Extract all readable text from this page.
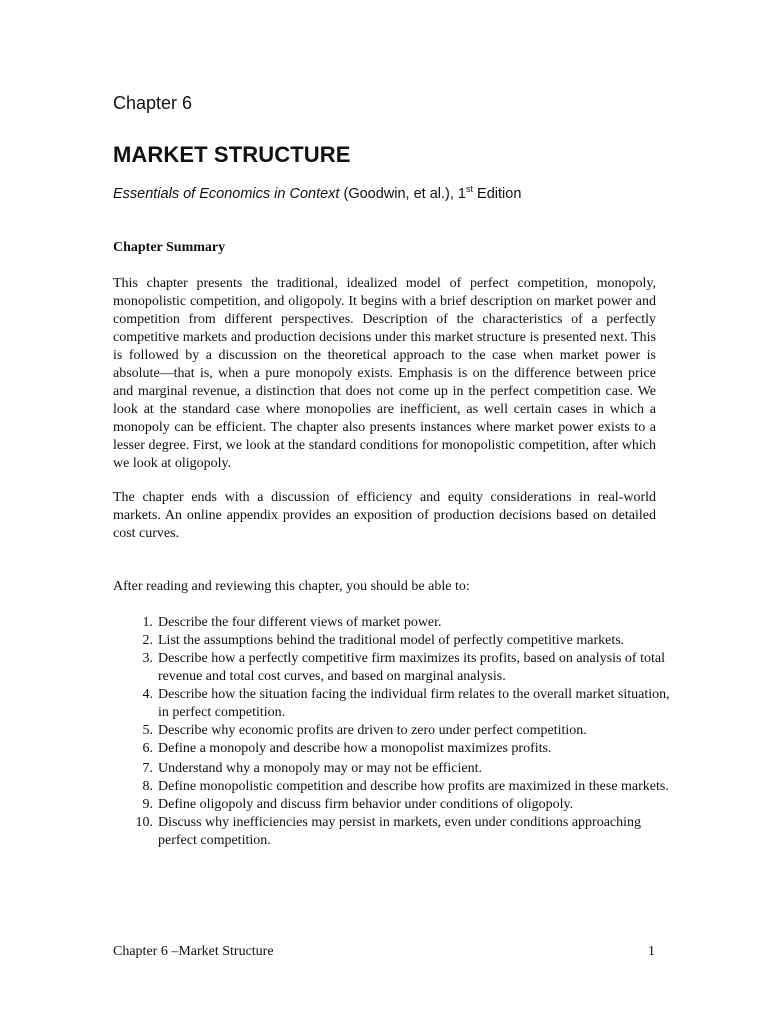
Chapter 6
MARKET STRUCTURE

Essentials of Economics in Context (Goodwin, et al.), 1st Edition

Chapter Summary

This chapter presents the traditional, idealized model of perfect competition, monopoly, monopolistic competition, and oligopoly. It begins with a brief description on market power and competition from different perspectives. Description of the characteristics of a perfectly competitive markets and production decisions under this market structure is presented next. This is followed by a discussion on the theoretical approach to the case when market power is absolute—that is, when a pure monopoly exists. Emphasis is on the difference between price and marginal revenue, a distinction that does not come up in the perfect competition case. We look at the standard case where monopolies are inefficient, as well certain cases in which a monopoly can be efficient. The chapter also presents instances where market power exists to a lesser degree. First, we look at the standard conditions for monopolistic competition, after which we look at oligopoly.

The chapter ends with a discussion of efficiency and equity considerations in real-world markets. An online appendix provides an exposition of production decisions based on detailed cost curves.

After reading and reviewing this chapter, you should be able to:

1. Describe the four different views of market power.
2. List the assumptions behind the traditional model of perfectly competitive markets.
3. Describe how a perfectly competitive firm maximizes its profits, based on analysis of total revenue and total cost curves, and based on marginal analysis.
4. Describe how the situation facing the individual firm relates to the overall market situation, in perfect competition.
5. Describe why economic profits are driven to zero under perfect competition.
6. Define a monopoly and describe how a monopolist maximizes profits.
7. Understand why a monopoly may or may not be efficient.
8. Define monopolistic competition and describe how profits are maximized in these markets.
9. Define oligopoly and discuss firm behavior under conditions of oligopoly.
10. Discuss why inefficiencies may persist in markets, even under conditions approaching perfect competition.

Chapter 6 –Market Structure	1
